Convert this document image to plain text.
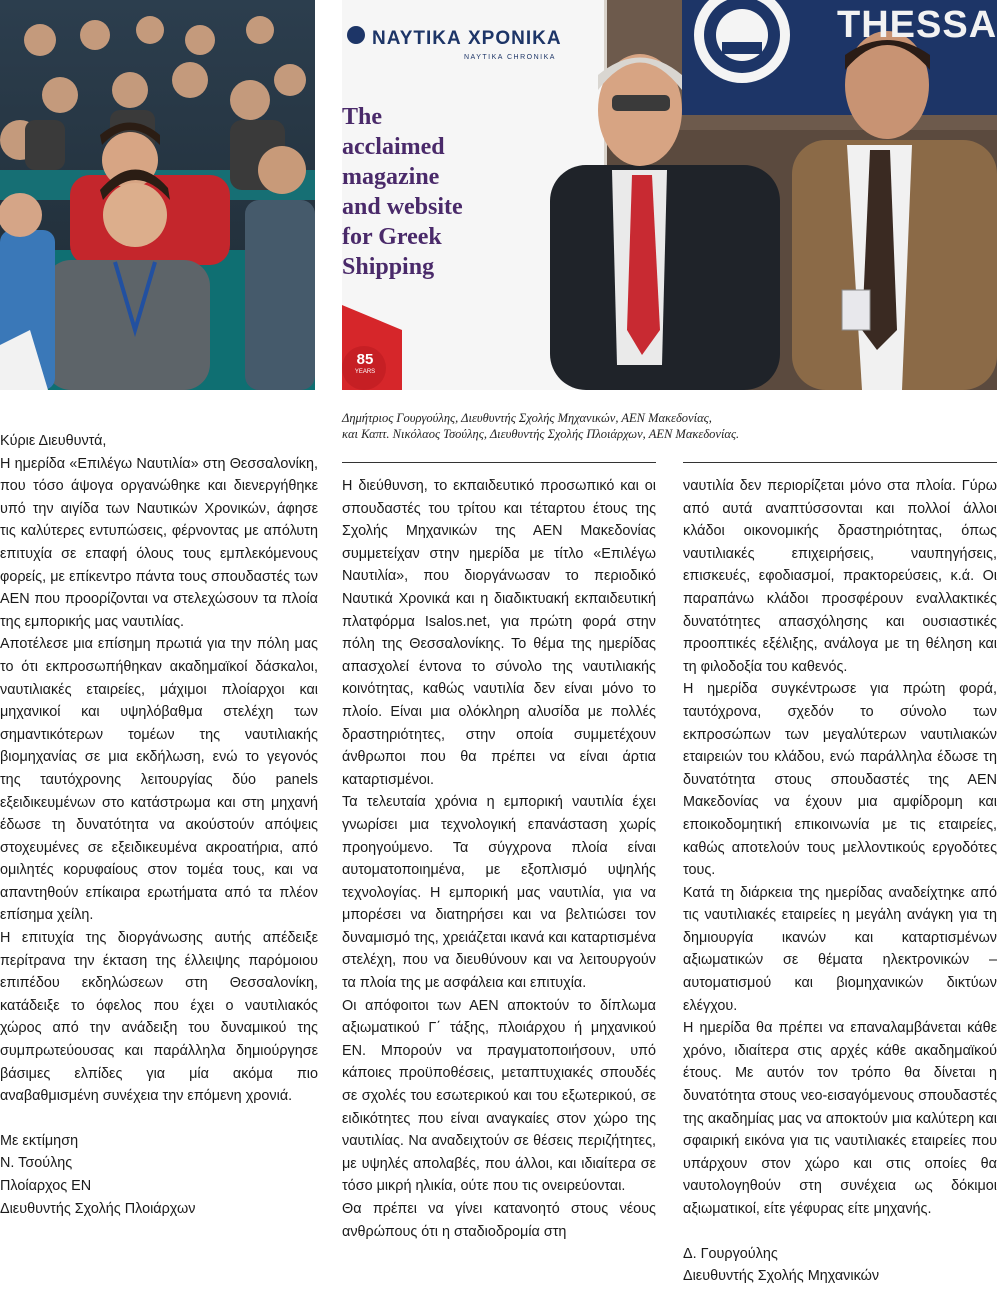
ΝΑΥΤΙΚΑ ΧΡΟΝΙΚΑ
NAYTIKA CHRONIKA
The
acclaimed
magazine
and website
for Greek
Shipping
85
YEARS
THESSA
Δημήτριος Γουργούλης, Διευθυντής Σχολής Μηχανικών, ΑΕΝ Μακεδονίας,
και Καπτ. Νικόλαος Τσούλης, Διευθυντής Σχολής Πλοιάρχων, ΑΕΝ Μακεδονίας.

Κύριε Διευθυντά,

Η ημερίδα «Επιλέγω Ναυτιλία» στη Θεσσαλονίκη, που τόσο άψογα οργανώθηκε και διενεργήθηκε υπό την αιγίδα των Ναυτικών Χρονικών, άφησε τις καλύτερες εντυπώσεις, φέρνοντας με απόλυτη επιτυχία σε επαφή όλους τους εμπλεκόμενους φορείς, με επίκεντρο πάντα τους σπουδαστές των ΑΕΝ που προορίζονται να στελεχώσουν τα πλοία της εμπορικής μας ναυτιλίας.

Αποτέλεσε μια επίσημη πρωτιά για την πόλη μας το ότι εκπροσωπήθηκαν ακαδημαϊκοί δάσκαλοι, ναυτιλιακές εταιρείες, μάχιμοι πλοίαρχοι και μηχανικοί και υψηλόβαθμα στελέχη των σημαντικότερων τομέων της ναυτιλιακής βιομηχανίας σε μια εκδήλωση, ενώ το γεγονός της ταυτόχρονης λειτουργίας δύο panels εξειδικευμένων στο κατάστρωμα και στη μηχανή έδωσε τη δυνατότητα να ακούστούν απόψεις στοχευμένες σε εξειδικευμένα ακροατήρια, από ομιλητές κορυφαίους στον τομέα τους, και να απαντηθούν επίκαιρα ερωτήματα από τα πλέον επίσημα χείλη.

Η επιτυχία της διοργάνωσης αυτής απέδειξε περίτρανα την έκταση της έλλειψης παρόμοιου επιπέδου εκδηλώσεων στη Θεσσαλονίκη, κατάδειξε το όφελος που έχει ο ναυτιλιακός χώρος από την ανάδειξη του δυναμικού της συμπρωτεύουσας και παράλληλα δημιούργησε βάσιμες ελπίδες για μία ακόμα πιο αναβαθμισμένη συνέχεια την επόμενη χρονιά.

Με εκτίμηση
Ν. Τσούλης
Πλοίαρχος ΕΝ
Διευθυντής Σχολής Πλοιάρχων

Η διεύθυνση, το εκπαιδευτικό προσωπικό και οι σπουδαστές του τρίτου και τέταρτου έτους της Σχολής Μηχανικών της ΑΕΝ Μακεδονίας συμμετείχαν στην ημερίδα με τίτλο «Επιλέγω Ναυτιλία», που διοργάνωσαν το περιοδικό Ναυτικά Χρονικά και η διαδικτυακή εκπαιδευτική πλατφόρμα Isalos.net, για πρώτη φορά στην πόλη της Θεσσαλονίκης. Το θέμα της ημερίδας απασχολεί έντονα το σύνολο της ναυτιλιακής κοινότητας, καθώς ναυτιλία δεν είναι μόνο το πλοίο. Είναι μια ολόκληρη αλυσίδα με πολλές δραστηριότητες, στην οποία συμμετέχουν άνθρωποι που θα πρέπει να είναι άρτια καταρτισμένοι.

Τα τελευταία χρόνια η εμπορική ναυτιλία έχει γνωρίσει μια τεχνολογική επανάσταση χωρίς προηγούμενο. Τα σύγχρονα πλοία είναι αυτοματοποιημένα, με εξοπλισμό υψηλής τεχνολογίας. Η εμπορική μας ναυτιλία, για να μπορέσει να διατηρήσει και να βελτιώσει τον δυναμισμό της, χρειάζεται ικανά και καταρτισμένα στελέχη, που να διευθύνουν και να λειτουργούν τα πλοία της με ασφάλεια και επιτυχία.

Οι απόφοιτοι των ΑΕΝ αποκτούν το δίπλωμα αξιωματικού Γ΄ τάξης, πλοιάρχου ή μηχανικού ΕΝ. Μπορούν να πραγματοποιήσουν, υπό κάποιες προϋποθέσεις, μεταπτυχιακές σπουδές σε σχολές του εσωτερικού και του εξωτερικού, σε ειδικότητες που είναι αναγκαίες στον χώρο της ναυτιλίας. Να αναδειχτούν σε θέσεις περιζήτητες, με υψηλές απολαβές, που άλλοι, και ιδιαίτερα σε τόσο μικρή ηλικία, ούτε που τις ονειρεύονται.

Θα πρέπει να γίνει κατανοητό στους νέους ανθρώπους ότι η σταδιοδρομία στη

ναυτιλία δεν περιορίζεται μόνο στα πλοία. Γύρω από αυτά αναπτύσσονται και πολλοί άλλοι κλάδοι οικονομικής δραστηριότητας, όπως ναυτιλιακές επιχειρήσεις, ναυπηγήσεις, επισκευές, εφοδιασμοί, πρακτορεύσεις, κ.ά. Οι παραπάνω κλάδοι προσφέρουν εναλλακτικές δυνατότητες απασχόλησης και ουσιαστικές προοπτικές εξέλιξης, ανάλογα με τη θέληση και τη φιλοδοξία του καθενός.

Η ημερίδα συγκέντρωσε για πρώτη φορά, ταυτόχρονα, σχεδόν το σύνολο των εκπροσώπων των μεγαλύτερων ναυτιλιακών εταιρειών του κλάδου, ενώ παράλληλα έδωσε τη δυνατότητα στους σπουδαστές της ΑΕΝ Μακεδονίας να έχουν μια αμφίδρομη και εποικοδομητική επικοινωνία με τις εταιρείες, καθώς αποτελούν τους μελλοντικούς εργοδότες τους.

Κατά τη διάρκεια της ημερίδας αναδείχτηκε από τις ναυτιλιακές εταιρείες η μεγάλη ανάγκη για τη δημιουργία ικανών και καταρτισμένων αξιωματικών σε θέματα ηλεκτρονικών – αυτοματισμού και βιομηχανικών δικτύων ελέγχου.

Η ημερίδα θα πρέπει να επαναλαμβάνεται κάθε χρόνο, ιδιαίτερα στις αρχές κάθε ακαδημαϊκού έτους. Με αυτόν τον τρόπο θα δίνεται η δυνατότητα στους νεο-εισαγόμενους σπουδαστές της ακαδημίας μας να αποκτούν μια καλύτερη και σφαιρική εικόνα για τις ναυτιλιακές εταιρείες που υπάρχουν στον χώρο και στις οποίες θα ναυτολογηθούν στη συνέχεια ως δόκιμοι αξιωματικοί, είτε γέφυρας είτε μηχανής.

Δ. Γουργούλης
Διευθυντής Σχολής Μηχανικών
